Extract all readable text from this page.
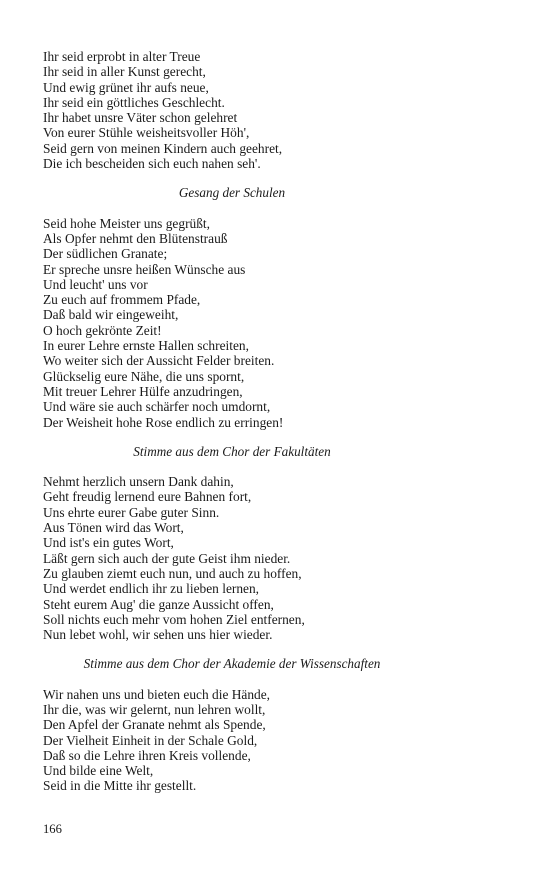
Ihr seid erprobt in alter Treue
Ihr seid in aller Kunst gerecht,
Und ewig grünet ihr aufs neue,
Ihr seid ein göttliches Geschlecht.
Ihr habet unsre Väter schon gelehret
Von eurer Stühle weisheitsvoller Höh',
Seid gern von meinen Kindern auch geehret,
Die ich bescheiden sich euch nahen seh'.
Gesang der Schulen
Seid hohe Meister uns gegrüßt,
Als Opfer nehmt den Blütenstrauß
Der südlichen Granate;
Er spreche unsre heißen Wünsche aus
Und leucht' uns vor
Zu euch auf frommem Pfade,
Daß bald wir eingeweiht,
O hoch gekrönte Zeit!
In eurer Lehre ernste Hallen schreiten,
Wo weiter sich der Aussicht Felder breiten.
Glückselig eure Nähe, die uns spornt,
Mit treuer Lehrer Hülfe anzudringen,
Und wäre sie auch schärfer noch umdornt,
Der Weisheit hohe Rose endlich zu erringen!
Stimme aus dem Chor der Fakultäten
Nehmt herzlich unsern Dank dahin,
Geht freudig lernend eure Bahnen fort,
Uns ehrte eurer Gabe guter Sinn.
Aus Tönen wird das Wort,
Und ist's ein gutes Wort,
Läßt gern sich auch der gute Geist ihm nieder.
Zu glauben ziemt euch nun, und auch zu hoffen,
Und werdet endlich ihr zu lieben lernen,
Steht eurem Aug' die ganze Aussicht offen,
Soll nichts euch mehr vom hohen Ziel entfernen,
Nun lebet wohl, wir sehen uns hier wieder.
Stimme aus dem Chor der Akademie der Wissenschaften
Wir nahen uns und bieten euch die Hände,
Ihr die, was wir gelernt, nun lehren wollt,
Den Apfel der Granate nehmt als Spende,
Der Vielheit Einheit in der Schale Gold,
Daß so die Lehre ihren Kreis vollende,
Und bilde eine Welt,
Seid in die Mitte ihr gestellt.
166
